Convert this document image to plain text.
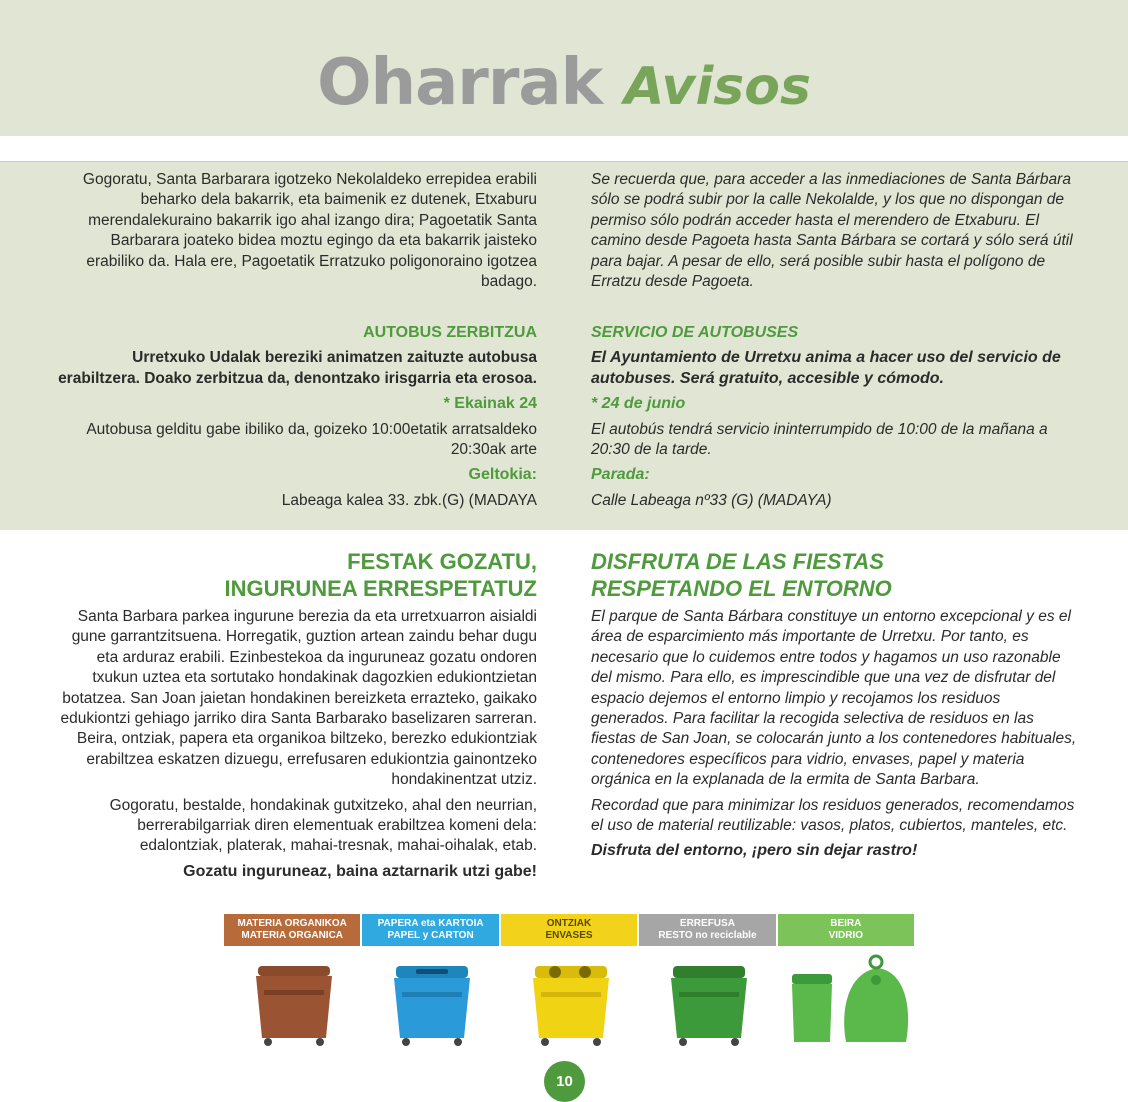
Oharrak Avisos

Gogoratu, Santa Barbarara igotzeko Nekolaldeko errepidea erabili beharko dela bakarrik, eta baimenik ez dutenek, Etxaburu merendalekuraino bakarrik igo ahal izango dira; Pagoetatik Santa Barbarara joateko bidea moztu egingo da eta bakarrik jaisteko erabiliko da. Hala ere, Pagoetatik Erratzuko poligonoraino igotzea badago.

Se recuerda que, para acceder a las inmediaciones de Santa Bárbara sólo se podrá subir por la calle Nekolalde, y los que no dispongan de permiso sólo podrán acceder hasta el merendero de Etxaburu. El camino desde Pagoeta hasta Santa Bárbara se cortará y sólo será útil para bajar. A pesar de ello, será posible subir hasta el polígono de Erratzu desde Pagoeta.

AUTOBUS ZERBITZUA

Urretxuko Udalak bereziki animatzen zaituzte autobusa erabiltzera. Doako zerbitzua da, denontzako irisgarria eta erosoa.

* Ekainak 24

Autobusa gelditu gabe ibiliko da, goizeko 10:00etatik arratsaldeko 20:30ak arte

Geltokia:

Labeaga kalea 33. zbk.(G) (MADAYA

SERVICIO DE AUTOBUSES

El Ayuntamiento de Urretxu anima a hacer uso del servicio de autobuses. Será gratuito, accesible y cómodo.

* 24 de junio

El autobús tendrá servicio ininterrumpido de 10:00 de la mañana a 20:30 de la tarde.

Parada:

Calle Labeaga nº33 (G) (MADAYA)

FESTAK GOZATU,

INGURUNEA ERRESPETATUZ

Santa Barbara parkea ingurune berezia da eta urretxuarron aisialdi gune garrantzitsuena. Horregatik, guztion artean zaindu behar dugu eta arduraz erabili. Ezinbestekoa da inguruneaz gozatu ondoren txukun uztea eta sortutako hondakinak dagozkien edukiontzietan botatzea. San Joan jaietan hondakinen bereizketa errazteko, gaikako edukiontzi gehiago jarriko dira Santa Barbarako baselizaren sarreran. Beira, ontziak, papera eta organikoa biltzeko, berezko edukiontziak erabiltzea eskatzen dizuegu, errefusaren edukiontzia gainontzeko hondakinentzat utziz.

Gogoratu, bestalde, hondakinak gutxitzeko, ahal den neurrian, berrerabilgarriak diren elementuak erabiltzea komeni dela: edalontziak, platerak, mahai-tresnak, mahai-oihalak, etab.

Gozatu inguruneaz, baina aztarnarik utzi gabe!

DISFRUTA DE LAS FIESTAS

RESPETANDO EL ENTORNO

El parque de Santa Bárbara constituye un entorno excepcional y es el área de esparcimiento más importante de Urretxu. Por tanto, es necesario que lo cuidemos entre todos y hagamos un uso razonable del mismo. Para ello, es imprescindible que una vez de disfrutar del espacio dejemos el entorno limpio y recojamos los residuos generados. Para facilitar la recogida selectiva de residuos en las fiestas de San Joan, se colocarán junto a los contenedores habituales, contenedores específicos para vidrio, envases, papel y materia orgánica en la explanada de la ermita de Santa Barbara.

Recordad que para minimizar los residuos generados, recomendamos el uso de material reutilizable: vasos, platos, cubiertos, manteles, etc.

Disfruta del entorno, ¡pero sin dejar rastro!

MATERIA ORGANIKOA
MATERIA ORGANICA
PAPERA eta KARTOIA
PAPEL y CARTON
ONTZIAK
ENVASES
ERREFUSA
RESTO no reciclable
BEIRA
VIDRIO
10
